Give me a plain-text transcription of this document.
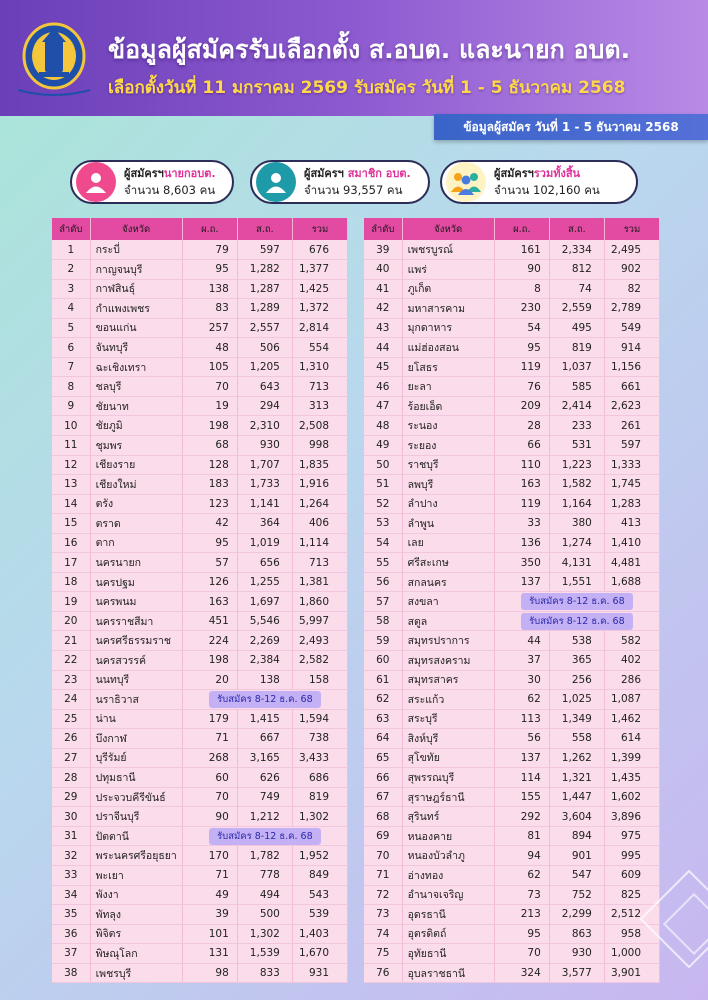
ข้อมูลผู้สมัครรับเลือกตั้ง ส.อบต. และนายก อบต.
เลือกตั้งวันที่ 11 มกราคม 2569 รับสมัคร วันที่ 1 - 5 ธันวาคม 2568
ข้อมูลผู้สมัคร วันที่ 1 - 5 ธันวาคม 2568
ผู้สมัครฯนายกอบต.
จำนวน 8,603 คน
ผู้สมัครฯ สมาชิก อบต.
จำนวน 93,557 คน
ผู้สมัครฯรวมทั้งสิ้น
จำนวน 102,160 คน
ลำดับ	จังหวัด	ผ.ถ.	ส.ถ.	รวม
1	กระบี่	79	597	676
2	กาญจนบุรี	95	1,282	1,377
3	กาฬสินธุ์	138	1,287	1,425
4	กำแพงเพชร	83	1,289	1,372
5	ขอนแก่น	257	2,557	2,814
6	จันทบุรี	48	506	554
7	ฉะเชิงเทรา	105	1,205	1,310
8	ชลบุรี	70	643	713
9	ชัยนาท	19	294	313
10	ชัยภูมิ	198	2,310	2,508
11	ชุมพร	68	930	998
12	เชียงราย	128	1,707	1,835
13	เชียงใหม่	183	1,733	1,916
14	ตรัง	123	1,141	1,264
15	ตราด	42	364	406
16	ตาก	95	1,019	1,114
17	นครนายก	57	656	713
18	นครปฐม	126	1,255	1,381
19	นครพนม	163	1,697	1,860
20	นครราชสีมา	451	5,546	5,997
21	นครศรีธรรมราช	224	2,269	2,493
22	นครสวรรค์	198	2,384	2,582
23	นนทบุรี	20	138	158
24	นราธิวาส	รับสมัคร 8-12 ธ.ค. 68		
25	น่าน	179	1,415	1,594
26	บึงกาฬ	71	667	738
27	บุรีรัมย์	268	3,165	3,433
28	ปทุมธานี	60	626	686
29	ประจวบคีรีขันธ์	70	749	819
30	ปราจีนบุรี	90	1,212	1,302
31	ปัตตานี	รับสมัคร 8-12 ธ.ค. 68		
32	พระนครศรีอยุธยา	170	1,782	1,952
33	พะเยา	71	778	849
34	พังงา	49	494	543
35	พัทลุง	39	500	539
36	พิจิตร	101	1,302	1,403
37	พิษณุโลก	131	1,539	1,670
38	เพชรบุรี	98	833	931
ลำดับ	จังหวัด	ผ.ถ.	ส.ถ.	รวม
39	เพชรบูรณ์	161	2,334	2,495
40	แพร่	90	812	902
41	ภูเก็ต	8	74	82
42	มหาสารคาม	230	2,559	2,789
43	มุกดาหาร	54	495	549
44	แม่ฮ่องสอน	95	819	914
45	ยโสธร	119	1,037	1,156
46	ยะลา	76	585	661
47	ร้อยเอ็ด	209	2,414	2,623
48	ระนอง	28	233	261
49	ระยอง	66	531	597
50	ราชบุรี	110	1,223	1,333
51	ลพบุรี	163	1,582	1,745
52	ลำปาง	119	1,164	1,283
53	ลำพูน	33	380	413
54	เลย	136	1,274	1,410
55	ศรีสะเกษ	350	4,131	4,481
56	สกลนคร	137	1,551	1,688
57	สงขลา	รับสมัคร 8-12 ธ.ค. 68		
58	สตูล	รับสมัคร 8-12 ธ.ค. 68		
59	สมุทรปราการ	44	538	582
60	สมุทรสงคราม	37	365	402
61	สมุทรสาคร	30	256	286
62	สระแก้ว	62	1,025	1,087
63	สระบุรี	113	1,349	1,462
64	สิงห์บุรี	56	558	614
65	สุโขทัย	137	1,262	1,399
66	สุพรรณบุรี	114	1,321	1,435
67	สุราษฎร์ธานี	155	1,447	1,602
68	สุรินทร์	292	3,604	3,896
69	หนองคาย	81	894	975
70	หนองบัวลำภู	94	901	995
71	อ่างทอง	62	547	609
72	อำนาจเจริญ	73	752	825
73	อุดรธานี	213	2,299	2,512
74	อุตรดิตถ์	95	863	958
75	อุทัยธานี	70	930	1,000
76	อุบลราชธานี	324	3,577	3,901
